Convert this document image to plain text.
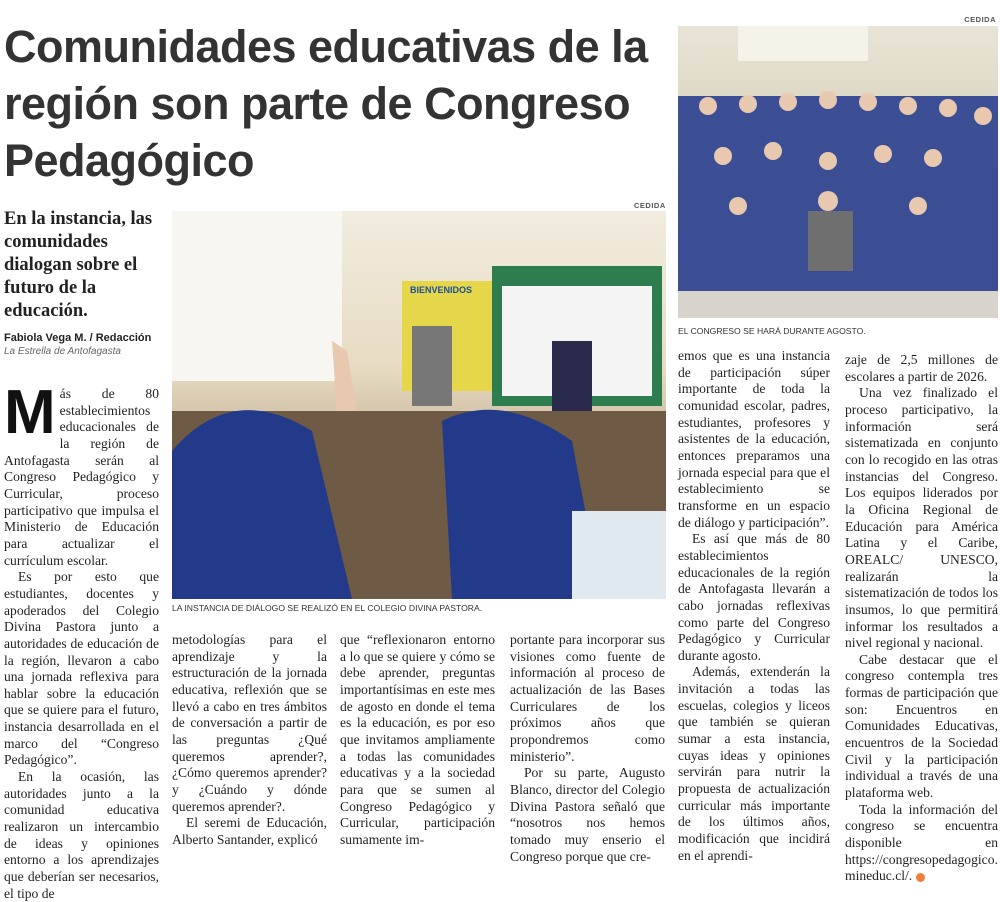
Comunidades educativas de la región son parte de Congreso Pedagógico
En la instancia, las comunidades dialogan sobre el futuro de la educación.
Fabiola Vega M. / Redacción
La Estrella de Antofagasta
CEDIDA
EL CONGRESO SE HARÁ DURANTE AGOSTO.
CEDIDA
BIENVENIDOS
LA INSTANCIA DE DIÁLOGO SE REALIZÓ EN EL COLEGIO DIVINA PASTORA.

Más de 80 establecimientos educacionales de la región de Antofagasta serán al Congreso Pedagógico y Curricular, proceso participativo que impulsa el Ministerio de Educación para actualizar el currículum escolar.

Es por esto que estudiantes, docentes y apoderados del Colegio Divina Pastora junto a autoridades de educación de la región, llevaron a cabo una jornada reflexiva para hablar sobre la educación que se quiere para el futuro, instancia desarrollada en el marco del “Congreso Pedagógico”.

En la ocasión, las autoridades junto a la comunidad educativa realizaron un intercambio de ideas y opiniones entorno a los aprendizajes que deberían ser necesarios, el tipo de

metodologías para el aprendizaje y la estructuración de la jornada educativa, reflexión que se llevó a cabo en tres ámbitos de conversación a partir de las preguntas ¿Qué queremos aprender?, ¿Cómo queremos aprender? y ¿Cuándo y dónde queremos aprender?.

El seremi de Educación, Alberto Santander, explicó

que “reflexionaron entorno a lo que se quiere y cómo se debe aprender, preguntas importantísimas en este mes de agosto en donde el tema es la educación, es por eso que invitamos ampliamente a todas las comunidades educativas y a la sociedad para que se sumen al Congreso Pedagógico y Curricular, participación sumamente im-

portante para incorporar sus visiones como fuente de información al proceso de actualización de las Bases Curriculares de los próximos años que propondremos como ministerio”.

Por su parte, Augusto Blanco, director del Colegio Divina Pastora señaló que “nosotros nos hemos tomado muy enserio el Congreso porque que cre-

emos que es una instancia de participación súper importante de toda la comunidad escolar, padres, estudiantes, profesores y asistentes de la educación, entonces preparamos una jornada especial para que el establecimiento se transforme en un espacio de diálogo y participación”.

Es así que más de 80 establecimientos educacionales de la región de Antofagasta llevarán a cabo jornadas reflexivas como parte del Congreso Pedagógico y Curricular durante agosto.

Además, extenderán la invitación a todas las escuelas, colegios y liceos que también se quieran sumar a esta instancia, cuyas ideas y opiniones servirán para nutrir la propuesta de actualización curricular más importante de los últimos años, modificación que incidirá en el aprendi-

zaje de 2,5 millones de escolares a partir de 2026.

Una vez finalizado el proceso participativo, la información será sistematizada en conjunto con lo recogido en las otras instancias del Congreso. Los equipos liderados por la Oficina Regional de Educación para América Latina y el Caribe, OREALC/ UNESCO, realizarán la sistematización de todos los insumos, lo que permitirá informar los resultados a nivel regional y nacional.

Cabe destacar que el congreso contempla tres formas de participación que son: Encuentros en Comunidades Educativas, encuentros de la Sociedad Civil y la participación individual a través de una plataforma web.

Toda la información del congreso se encuentra disponible en https://congresopedagogico.mineduc.cl/.
